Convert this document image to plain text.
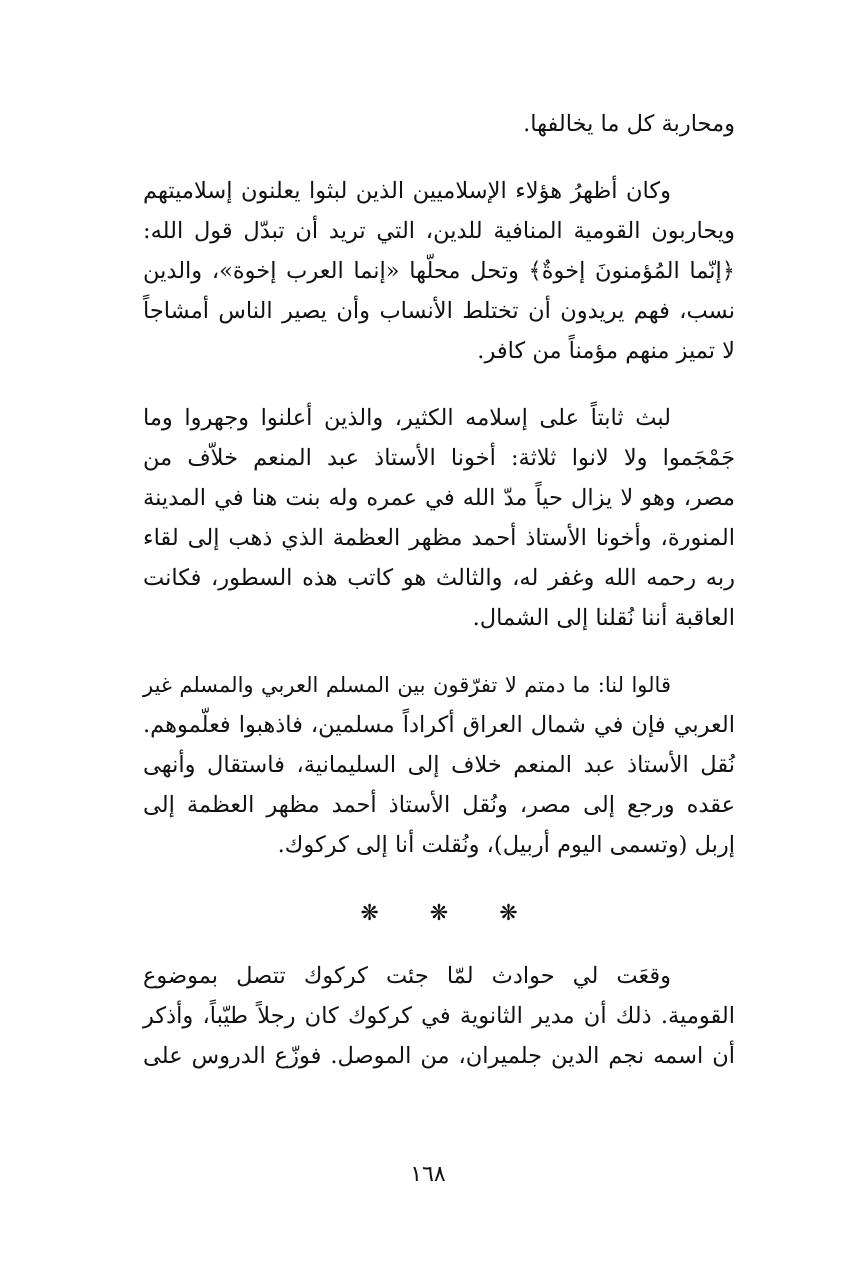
ومحاربة كل ما يخالفها.
وكان أظهرُ هؤلاء الإسلاميين الذين لبثوا يعلنون إسلاميتهم
ويحاربون القومية المنافية للدين، التي تريد أن تبدّل قول الله:
﴿إنّما المُؤمنونَ إخوةٌ﴾ وتحل محلّها «إنما العرب إخوة»، والدين
نسب، فهم يريدون أن تختلط الأنساب وأن يصير الناس أمشاجاً
لا تميز منهم مؤمناً من كافر.
لبث ثابتاً على إسلامه الكثير، والذين أعلنوا وجهروا وما
جَمْجَموا ولا لانوا ثلاثة: أخونا الأستاذ عبد المنعم خلاّف من
مصر، وهو لا يزال حياً مدّ الله في عمره وله بنت هنا في المدينة
المنورة، وأخونا الأستاذ أحمد مظهر العظمة الذي ذهب إلى لقاء
ربه رحمه الله وغفر له، والثالث هو كاتب هذه السطور، فكانت
العاقبة أننا نُقلنا إلى الشمال.
قالوا لنا: ما دمتم لا تفرّقون بين المسلم العربي والمسلم غير
العربي فإن في شمال العراق أكراداً مسلمين، فاذهبوا فعلّموهم.
نُقل الأستاذ عبد المنعم خلاف إلى السليمانية، فاستقال وأنهى
عقده ورجع إلى مصر، ونُقل الأستاذ أحمد مظهر العظمة إلى
إربل (وتسمى اليوم أربيل)، ونُقلت أنا إلى كركوك.
❋ ❋ ❋
وقعَت لي حوادث لمّا جئت كركوك تتصل بموضوع
القومية. ذلك أن مدير الثانوية في كركوك كان رجلاً طيّباً، وأذكر
أن اسمه نجم الدين جلميران، من الموصل. فوزّع الدروس على
١٦٨
